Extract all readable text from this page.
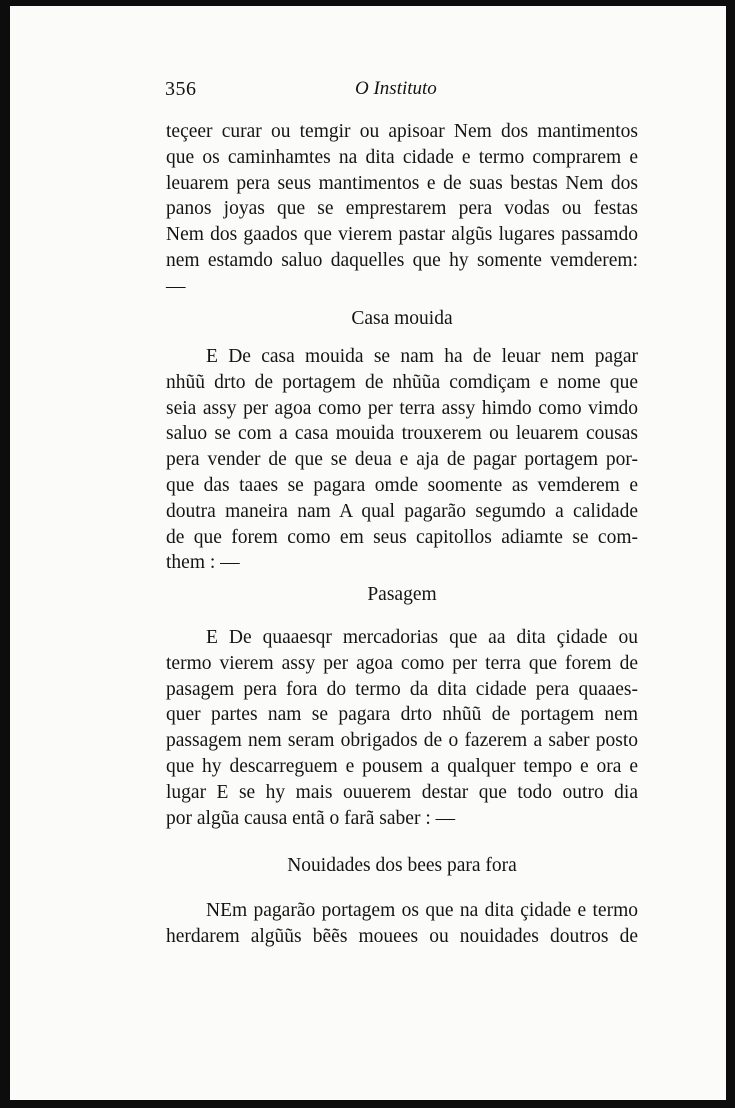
356	O Instituto
teçeer curar ou temgir ou apisoar Nem dos mantimentos
que os caminhamtes na dita cidade e termo comprarem e
leuarem pera seus mantimentos e de suas bestas Nem dos
panos joyas que se emprestarem pera vodas ou festas
Nem dos gaados que vierem pastar algũs lugares passamdo
nem estamdo saluo daquelles que hy somente vemderem: —
Casa mouida
E De casa mouida se nam ha de leuar nem pagar
nhũũ drto de portagem de nhũũa comdiçam e nome que
seia assy per agoa como per terra assy himdo como vimdo
saluo se com a casa mouida trouxerem ou leuarem cousas
pera vender de que se deua e aja de pagar portagem por-
que das taaes se pagara omde soomente as vemderem e
doutra maneira nam A qual pagarão segumdo a calidade
de que forem como em seus capitollos adiamte se com-
them : —
Pasagem
E De quaaesqr mercadorias que aa dita çidade ou
termo vierem assy per agoa como per terra que forem de
pasagem pera fora do termo da dita cidade pera quaaes-
quer partes nam se pagara drto nhũũ de portagem nem
passagem nem seram obrigados de o fazerem a saber posto
que hy descarreguem e pousem a qualquer tempo e ora e
lugar E se hy mais ouuerem destar que todo outro dia
por algũa causa entã o farã saber : —
Nouidades dos bees para fora
NEm pagarão portagem os que na dita çidade e termo
herdarem algũũs bẽẽs mouees ou nouidades doutros de
